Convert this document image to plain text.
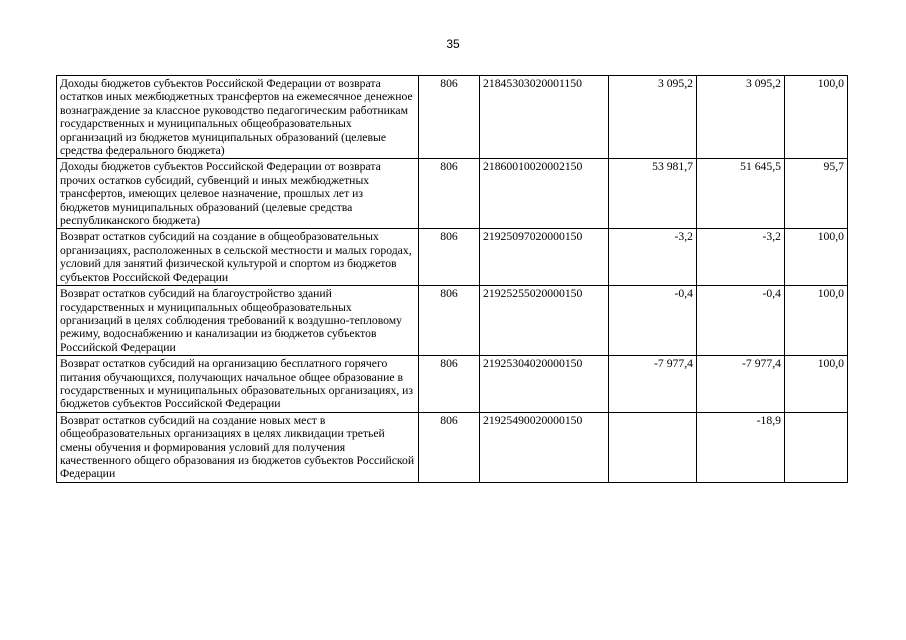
35
Доходы бюджетов субъектов Российской Федерации от возврата остатков иных межбюджетных трансфертов на ежемесячное денежное вознаграждение за классное руководство педагогическим работникам государственных и муниципальных общеобразовательных организаций из бюджетов муниципальных образований (целевые средства федерального бюджета)	806	21845303020001150	3 095,2	3 095,2	100,0
Доходы бюджетов субъектов Российской Федерации от возврата прочих остатков субсидий, субвенций и иных межбюджетных трансфертов, имеющих целевое назначение, прошлых лет из бюджетов муниципальных образований (целевые средства республиканского бюджета)	806	21860010020002150	53 981,7	51 645,5	95,7
Возврат остатков субсидий на создание в общеобразовательных организациях, расположенных в сельской местности и малых городах, условий для занятий физической культурой и спортом из бюджетов субъектов Российской Федерации	806	21925097020000150	-3,2	-3,2	100,0
Возврат остатков субсидий на благоустройство зданий государственных и муниципальных общеобразовательных организаций в целях соблюдения требований к воздушно-тепловому режиму, водоснабжению и канализации из бюджетов субъектов Российской Федерации	806	21925255020000150	-0,4	-0,4	100,0
Возврат остатков субсидий на организацию бесплатного горячего питания обучающихся, получающих начальное общее образование в государственных и муниципальных образовательных организациях, из бюджетов субъектов Российской Федерации	806	21925304020000150	-7 977,4	-7 977,4	100,0
Возврат остатков субсидий на создание новых мест в общеобразовательных организациях в целях ликвидации третьей смены обучения и формирования условий для получения качественного общего образования из бюджетов субъектов Российской Федерации	806	21925490020000150		-18,9	
